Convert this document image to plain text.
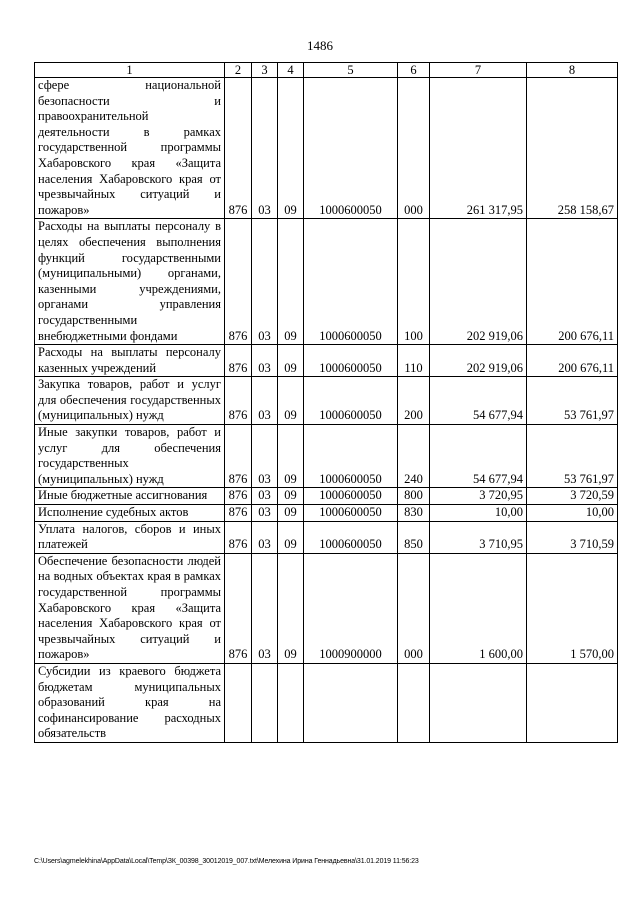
1486
1	2	3	4	5	6	7	8
сфере национальной безопасности и правоохранительной деятельности в рамках государственной программы Хабаровского края «Защита населения Хабаровского края от чрезвычайных ситуаций и пожаров»	876	03	09	1000600050	000	261 317,95	258 158,67
Расходы на выплаты персоналу в целях обеспечения выполнения функций государственными (муниципальными) органами, казенными учреждениями, органами управления государственными внебюджетными фондами	876	03	09	1000600050	100	202 919,06	200 676,11
Расходы на выплаты персоналу казенных учреждений	876	03	09	1000600050	110	202 919,06	200 676,11
Закупка товаров, работ и услуг для обеспечения государственных (муниципальных) нужд	876	03	09	1000600050	200	54 677,94	53 761,97
Иные закупки товаров, работ и услуг для обеспечения государственных (муниципальных) нужд	876	03	09	1000600050	240	54 677,94	53 761,97
Иные бюджетные ассигнования	876	03	09	1000600050	800	3 720,95	3 720,59
Исполнение судебных актов	876	03	09	1000600050	830	10,00	10,00
Уплата налогов, сборов и иных платежей	876	03	09	1000600050	850	3 710,95	3 710,59
Обеспечение безопасности людей на водных объектах края в рамках государственной программы Хабаровского края «Защита населения Хабаровского края от чрезвычайных ситуаций и пожаров»	876	03	09	1000900000	000	1 600,00	1 570,00
Субсидии из краевого бюджета бюджетам муниципальных образований края на софинансирование расходных обязательств							
C:\Users\agmelekhina\AppData\Local\Temp\ЗК_00398_30012019_007.txt\Мелехина Ирина Геннадьевна\31.01.2019 11:56:23
